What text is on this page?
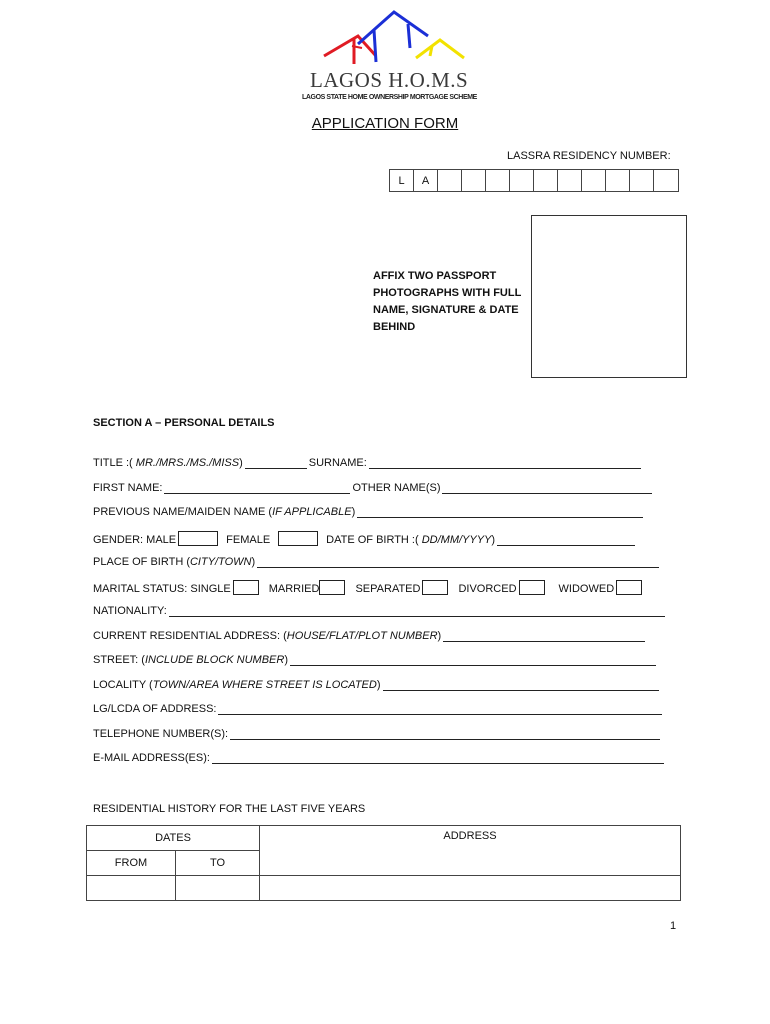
LAGOS H.O.M.S
LAGOS STATE HOME OWNERSHIP MORTGAGE SCHEME
APPLICATION FORM
LASSRA RESIDENCY NUMBER:
L	A
AFFIX TWO PASSPORT
PHOTOGRAPHS WITH FULL
NAME, SIGNATURE & DATE
BEHIND
SECTION A – PERSONAL DETAILS
TITLE :(
MR./MRS./MS./MISS )	SURNAME:
FIRST NAME:	OTHER NAME(S)
PREVIOUS NAME/MAIDEN NAME ( IF APPLICABLE )
GENDER: MALE	FEMALE	DATE OF BIRTH :(
DD/MM/YYYY )
PLACE OF BIRTH ( CITY/TOWN )
MARITAL STATUS: SINGLE	MARRIED	SEPARATED	DIVORCED	WIDOWED
NATIONALITY:
CURRENT RESIDENTIAL ADDRESS: ( HOUSE/FLAT/PLOT NUMBER )
STREET: ( INCLUDE BLOCK NUMBER )
LOCALITY ( TOWN/AREA WHERE STREET IS LOCATED )
LG/LCDA OF ADDRESS:
TELEPHONE NUMBER(S):
E-MAIL ADDRESS(ES):
RESIDENTIAL HISTORY FOR THE LAST FIVE YEARS
DATES		ADDRESS
FROM	TO	

1
